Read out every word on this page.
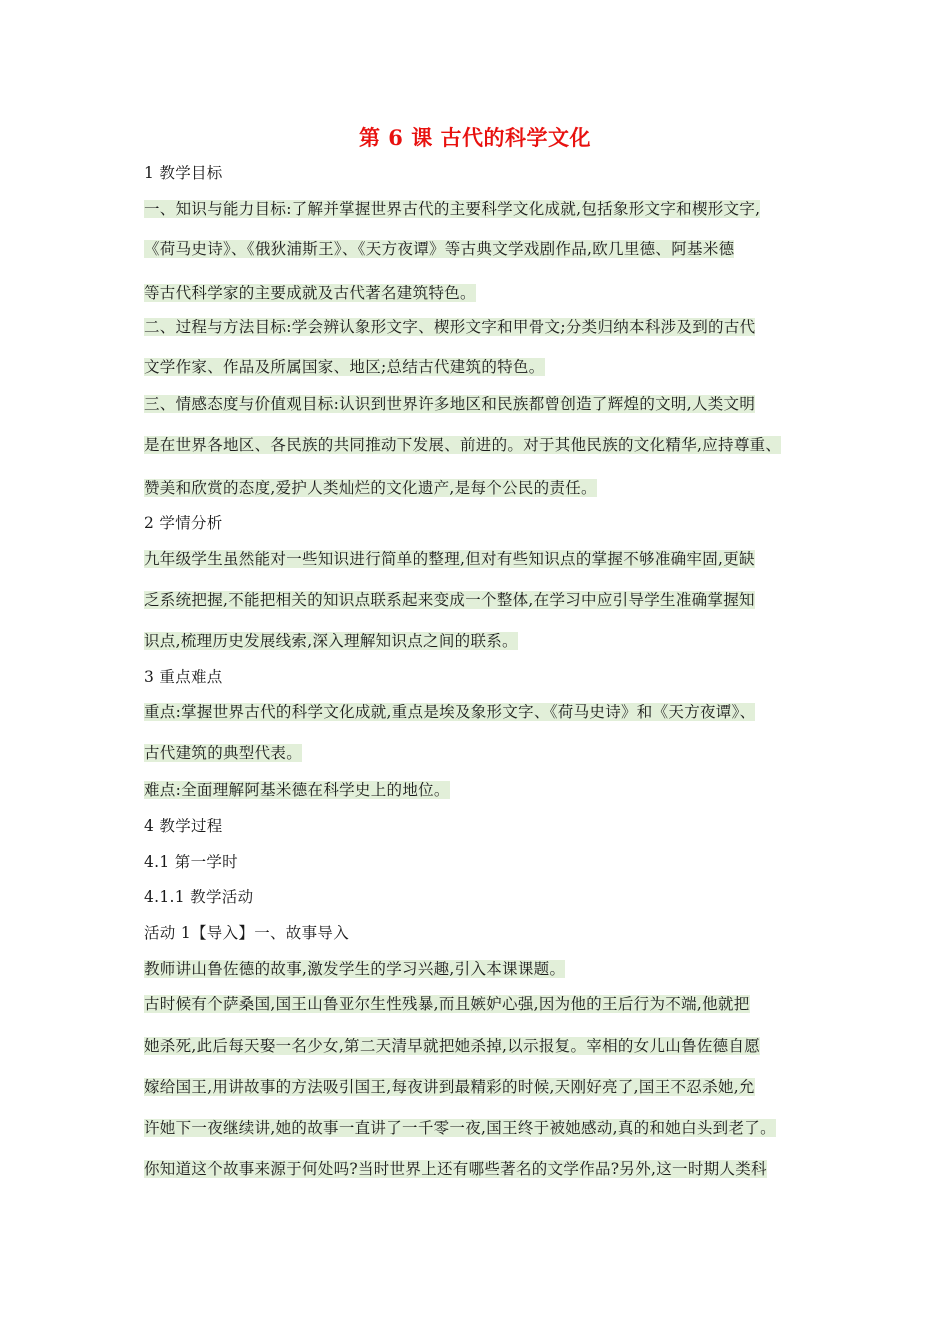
第 6 课 古代的科学文化
1 教学目标
一、知识与能力目标:了解并掌握世界古代的主要科学文化成就,包括象形文字和楔形文字,
《荷马史诗》、《俄狄浦斯王》、《天方夜谭》等古典文学戏剧作品,欧几里德、阿基米德
等古代科学家的主要成就及古代著名建筑特色。
二、过程与方法目标:学会辨认象形文字、楔形文字和甲骨文;分类归纳本科涉及到的古代
文学作家、作品及所属国家、地区;总结古代建筑的特色。
三、情感态度与价值观目标:认识到世界许多地区和民族都曾创造了辉煌的文明,人类文明
是在世界各地区、各民族的共同推动下发展、前进的。对于其他民族的文化精华,应持尊重、
赞美和欣赏的态度,爱护人类灿烂的文化遗产,是每个公民的责任。
2 学情分析
九年级学生虽然能对一些知识进行简单的整理,但对有些知识点的掌握不够准确牢固,更缺
乏系统把握,不能把相关的知识点联系起来变成一个整体,在学习中应引导学生准确掌握知
识点,梳理历史发展线索,深入理解知识点之间的联系。
3 重点难点
重点:掌握世界古代的科学文化成就,重点是埃及象形文字、《荷马史诗》和《天方夜谭》、
古代建筑的典型代表。
难点:全面理解阿基米德在科学史上的地位。
4 教学过程
4.1 第一学时
4.1.1 教学活动
活动 1【导入】一、故事导入
教师讲山鲁佐德的故事,激发学生的学习兴趣,引入本课课题。
古时候有个萨桑国,国王山鲁亚尔生性残暴,而且嫉妒心强,因为他的王后行为不端,他就把
她杀死,此后每天娶一名少女,第二天清早就把她杀掉,以示报复。宰相的女儿山鲁佐德自愿
嫁给国王,用讲故事的方法吸引国王,每夜讲到最精彩的时候,天刚好亮了,国王不忍杀她,允
许她下一夜继续讲,她的故事一直讲了一千零一夜,国王终于被她感动,真的和她白头到老了。
你知道这个故事来源于何处吗?当时世界上还有哪些著名的文学作品?另外,这一时期人类科
